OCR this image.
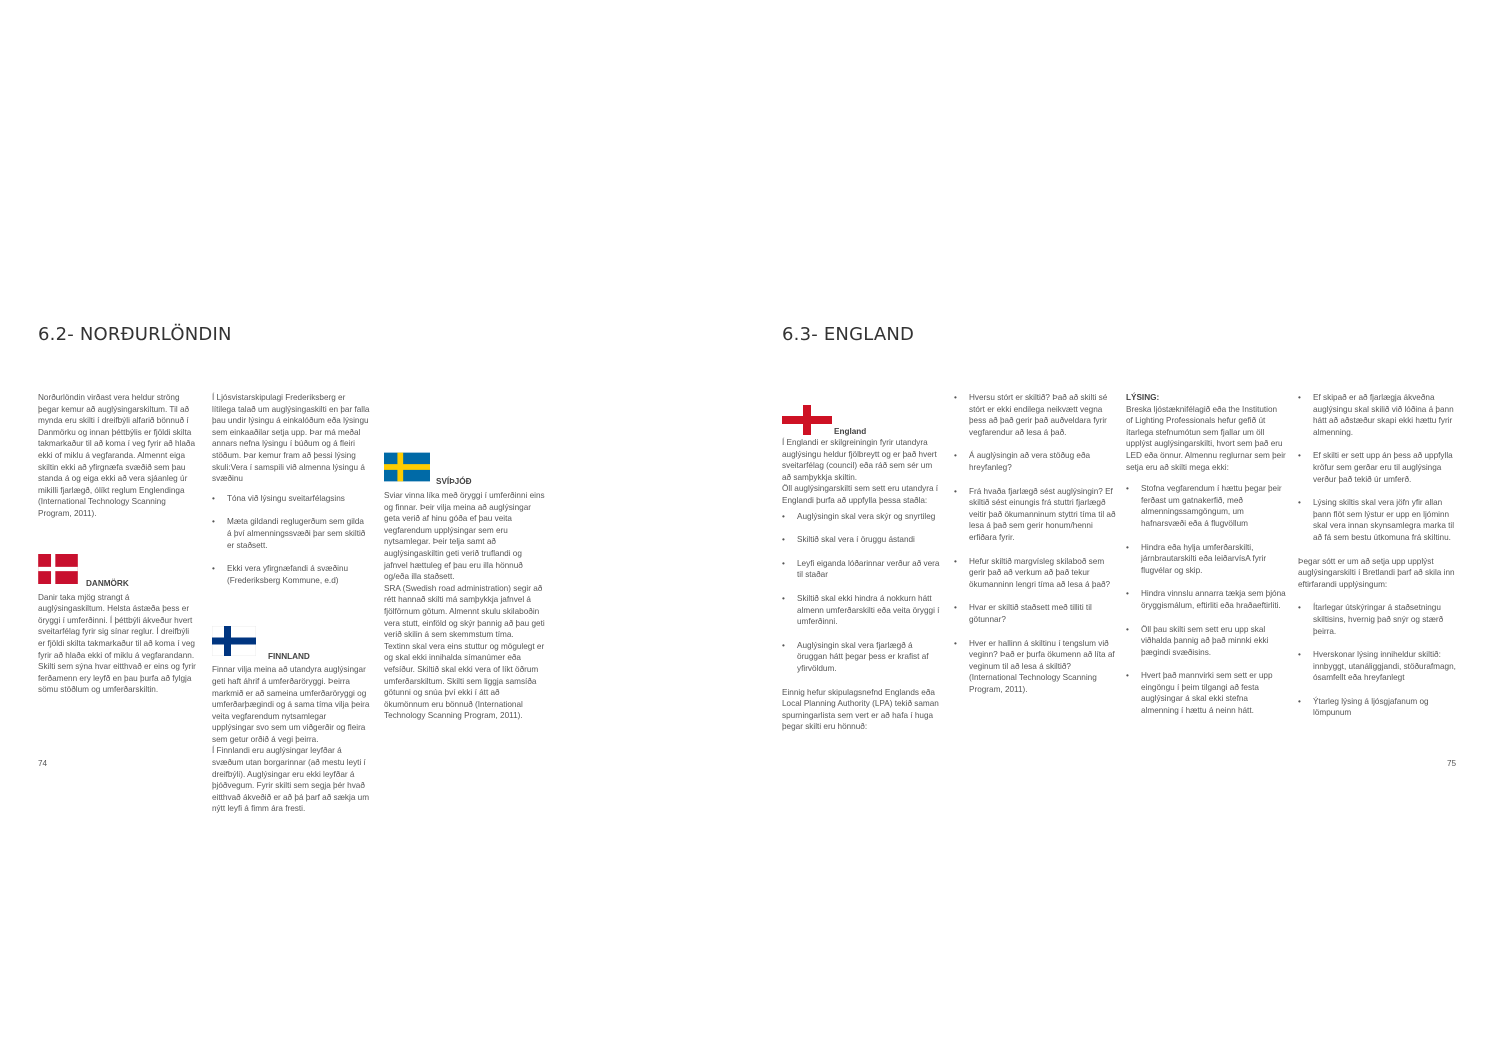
6.2- NORÐURLÖNDIN

Norðurlöndin virðast vera heldur ströng þegar kemur að auglýsingarskiltum. Til að mynda eru skilti í dreifbýli alfarið bönnuð í Danmörku og innan þéttbýlis er fjöldi skilta takmarkaður til að koma í veg fyrir að hlaða ekki of miklu á vegfaranda. Almennt eiga skiltin ekki að yfirgnæfa svæðið sem þau standa á og eiga ekki að vera sjáanleg úr mikilli fjarlægð, ólíkt reglum Englendinga (International Technology Scanning Program, 2011).

DANMÖRK

Danir taka mjög strangt á auglýsingaskiltum. Helsta ástæða þess er öryggi í umferðinni. Í þéttbýli ákveður hvert sveitarfélag fyrir sig sínar reglur. Í dreifbýli er fjöldi skilta takmarkaður til að koma í veg fyrir að hlaða ekki of miklu á vegfarandann. Skilti sem sýna hvar eitthvað er eins og fyrir ferðamenn ery leyfð en þau þurfa að fylgja sömu stöðlum og umferðarskiltin.

Í Ljósvistarskipulagi Frederiksberg er lítilega talað um auglýsingaskilti en þar falla þau undir lýsingu á einkalóðum eða lýsingu sem einkaaðilar setja upp. Þar má meðal annars nefna lýsingu í búðum og á fleiri stöðum. Þar kemur fram að þessi lýsing skuli:Vera í samspili við almenna lýsingu á svæðinu

• Tóna við lýsingu sveitarfélagsins
• Mæta gildandi reglugerðum sem gilda á því almenningssvæði þar sem skiltið er staðsett.
• Ekki vera yfirgnæfandi á svæðinu (Frederiksberg Kommune, e.d)
FINNLAND

Finnar vilja meina að utandyra auglýsingar geti haft áhrif á umferðaröryggi. Þeirra markmið er að sameina umferðaröryggi og umferðarþægindi og á sama tíma vilja þeira veita vegfarendum nytsamlegar upplýsingar svo sem um viðgerðir og fleira sem getur orðið á vegi þeirra.

Í Finnlandi eru auglýsingar leyfðar á svæðum utan borgarinnar (að mestu leyti í dreifbýli). Auglýsingar eru ekki leyfðar á þjóðvegum. Fyrir skilti sem segja þér hvað eitthvað ákveðið er að þá þarf að sækja um nýtt leyfi á fimm ára fresti.

SVÍÞJÓÐ

Sviar vinna líka með öryggi í umferðinni eins og finnar. Þeir vilja meina að auglýsingar geta verið af hinu góða ef þau veita vegfarendum upplýsingar sem eru nytsamlegar. Þeir telja samt að auglýsingaskiltin geti verið truflandi og jafnvel hættuleg ef þau eru illa hönnuð og/eða illa staðsett.

SRA (Swedish road administration) segir að rétt hannað skilti má samþykkja jafnvel á fjölförnum götum. Almennt skulu skilaboðin vera stutt, einföld og skýr þannig að þau geti verið skilin á sem skemmstum tíma.

Textinn skal vera eins stuttur og mögulegt er og skal ekki innihalda símanúmer eða vefsíður. Skiltið skal ekki vera of líkt öðrum umferðarskiltum. Skilti sem liggja samsíða götunni og snúa því ekki í átt að ökumönnum eru bönnuð (International Technology Scanning Program, 2011).

74
6.3- ENGLAND
England

Í Englandi er skilgreiningin fyrir utandyra auglýsingu heldur fjölbreytt og er það hvert sveitarfélag (council) eða ráð sem sér um að samþykkja skiltin.

Öll auglýsingarskilti sem sett eru utandyra í Englandi þurfa að uppfylla þessa staðla:

• Auglýsingin skal vera skýr og snyrtileg
• Skiltið skal vera í öruggu ástandi
• Leyfi eiganda lóðarinnar verður að vera til staðar
• Skiltið skal ekki hindra á nokkurn hátt almenn umferðarskilti eða veita öryggi í umferðinni.
• Auglýsingin skal vera fjarlægð á öruggan hátt þegar þess er krafist af yfirvöldum.

Einnig hefur skipulagsnefnd Englands eða Local Planning Authority (LPA) tekið saman spurningarlista sem vert er að hafa í huga þegar skilti eru hönnuð:

• Hversu stórt er skiltið? Það að skilti sé stórt er ekki endilega neikvætt vegna þess að það gerir það auðveldara fyrir vegfarendur að lesa á það.
• Á auglýsingin að vera stöðug eða hreyfanleg?
• Frá hvaða fjarlægð sést auglýsingin? Ef skiltið sést einungis frá stuttri fjarlægð veitir það ökumanninum styttri tíma til að lesa á það sem gerir honum/henni erfiðara fyrir.
• Hefur skiltið margvísleg skilaboð sem gerir það að verkum að það tekur ökumanninn lengri tíma að lesa á það?
• Hvar er skiltið staðsett með tilliti til götunnar?
• Hver er hallinn á skiltinu í tengslum við veginn? Það er þurfa ökumenn að líta af veginum til að lesa á skiltið? (International Technology Scanning Program, 2011).

LÝSING:

Breska ljóstæknifélagið eða the Institution of Lighting Professionals hefur gefið út ítarlega stefnumótun sem fjallar um öll upplýst auglýsingarskilti, hvort sem það eru LED eða önnur. Almennu reglurnar sem þeir setja eru að skilti mega ekki:

• Stofna vegfarendum í hættu þegar þeir ferðast um gatnakerfið, með almenningssamgöngum, um hafnarsvæði eða á flugvöllum
• Hindra eða hylja umferðarskilti, járnbrautarskilti eða leiðarvísA fyrir flugvélar og skip.
• Hindra vinnslu annarra tækja sem þjóna öryggismálum, eftirliti eða hraðaeftirliti.
• Öll þau skilti sem sett eru upp skal viðhalda þannig að það minnki ekki þægindi svæðisins.
• Hvert það mannvirki sem sett er upp eingöngu í þeim tilgangi að festa auglýsingar á skal ekki stefna almenning í hættu á neinn hátt.
• Ef skipað er að fjarlægja ákveðna auglýsingu skal skilið við lóðina á þann hátt að aðstæður skapi ekki hættu fyrir almenning.
• Ef skilti er sett upp án þess að uppfylla kröfur sem gerðar eru til auglýsinga verður það tekið úr umferð.
• Lýsing skiltis skal vera jöfn yfir allan þann flöt sem lýstur er upp en ljóminn skal vera innan skynsamlegra marka til að fá sem bestu útkomuna frá skiltinu.

Þegar sótt er um að setja upp upplýst auglýsingarskilti í Bretlandi þarf að skila inn eftirfarandi upplýsingum:

• Ítarlegar útskýringar á staðsetningu skiltisins, hvernig það snýr og stærð þeirra.
• Hverskonar lýsing inniheldur skiltið: innbyggt, utanáliggjandi, stöðurafmagn, ósamfellt eða hreyfanlegt
• Ýtarleg lýsing á ljósgjafanum og lömpunum
75
